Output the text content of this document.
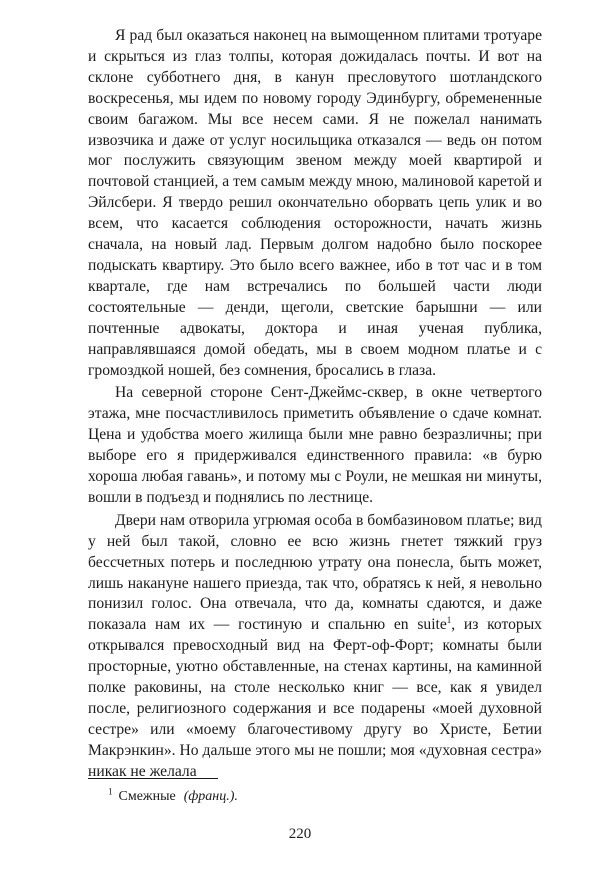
Я рад был оказаться наконец на вымощенном плитами тротуаре и скрыться из глаз толпы, которая дожидалась почты. И вот на склоне субботнего дня, в канун пресловутого шотландского воскресенья, мы идем по новому городу Эдинбургу, обремененные своим багажом. Мы все несем сами. Я не пожелал нанимать извозчика и даже от услуг носильщика отказался — ведь он потом мог послужить связующим звеном между моей квартирой и почтовой станцией, а тем самым между мною, малиновой каретой и Эйлсбери. Я твердо решил окончательно оборвать цепь улик и во всем, что касается соблюдения осторожности, начать жизнь сначала, на новый лад. Первым долгом надобно было поскорее подыскать квартиру. Это было всего важнее, ибо в тот час и в том квартале, где нам встречались по большей части люди состоятельные — денди, щеголи, светские барышни — или почтенные адвокаты, доктора и иная ученая публика, направлявшаяся домой обедать, мы в своем модном платье и с громоздкой ношей, без сомнения, бросались в глаза.

На северной стороне Сент-Джеймс-сквер, в окне четвертого этажа, мне посчастливилось приметить объявление о сдаче комнат. Цена и удобства моего жилища были мне равно безразличны; при выборе его я придерживался единственного правила: «в бурю хороша любая гавань», и потому мы с Роули, не мешкая ни минуты, вошли в подъезд и поднялись по лестнице.

Двери нам отворила угрюмая особа в бомбазиновом платье; вид у ней был такой, словно ее всю жизнь гнетет тяжкий груз бессчетных потерь и последнюю утрату она понесла, быть может, лишь накануне нашего приезда, так что, обратясь к ней, я невольно понизил голос. Она отвечала, что да, комнаты сдаются, и даже показала нам их — гостиную и спальню en suite$^1$, из которых открывался превосходный вид на Ферт-оф-Форт; комнаты были просторные, уютно обставленные, на стенах картины, на каминной полке раковины, на столе несколько книг — все, как я увидел после, религиозного содержания и все подарены «моей духовной сестре» или «моему благочестивому другу во Христе, Бетии Макрэнкин». Но дальше этого мы не пошли; моя «духовная сестра» никак не желала

$^1$ Смежные (франц.).
220
